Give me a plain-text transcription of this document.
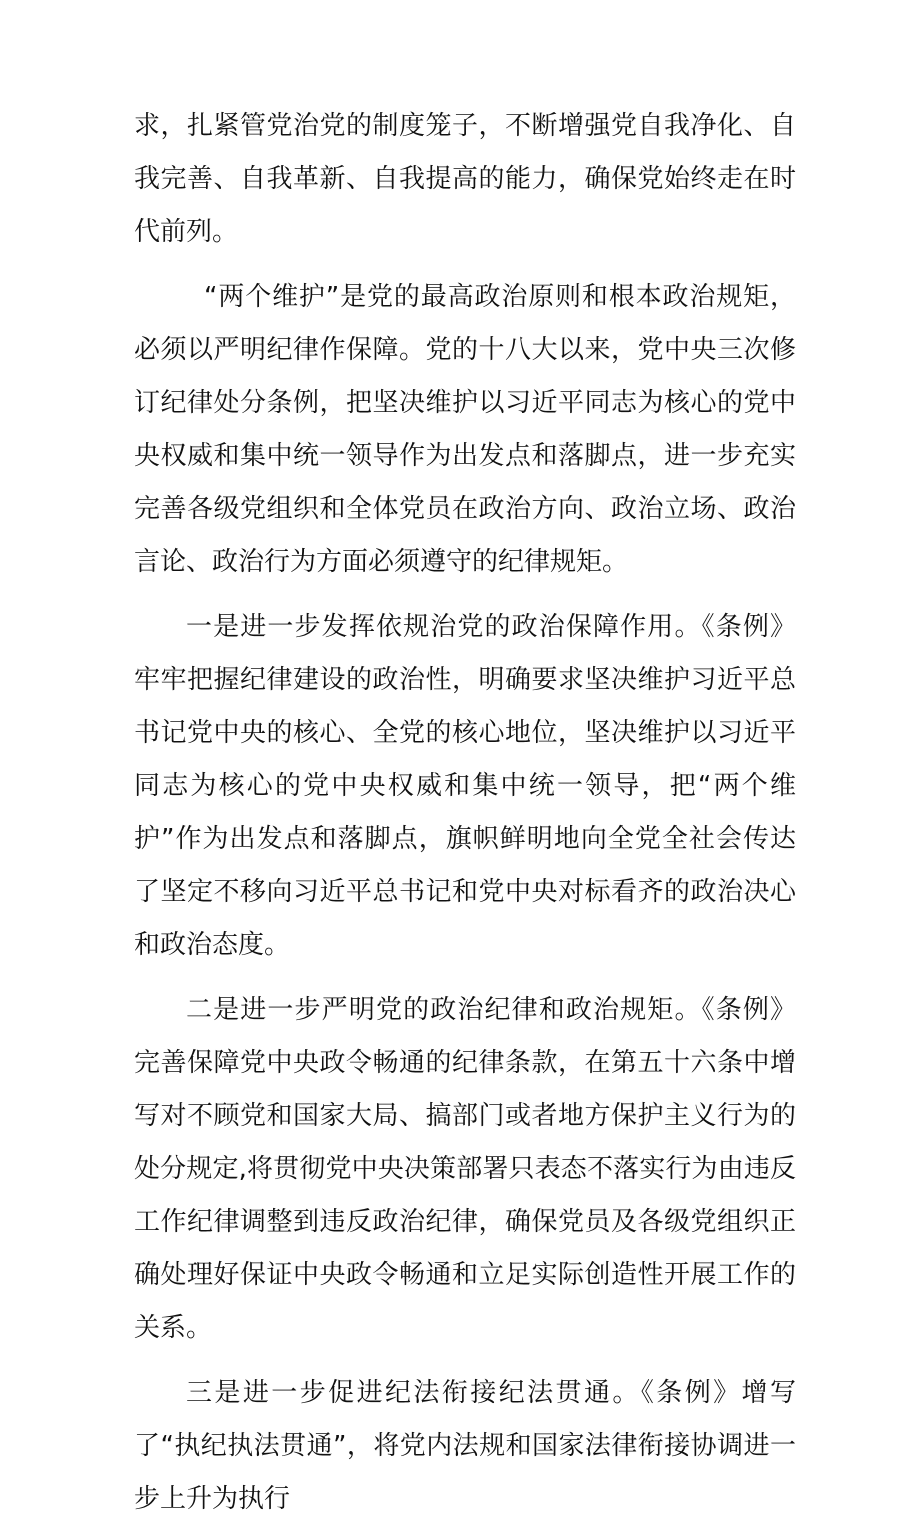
求，扎紧管党治党的制度笼子，不断增强党自我净化、自我完善、自我革新、自我提高的能力，确保党始终走在时代前列。

“两个维护”是党的最高政治原则和根本政治规矩，必须以严明纪律作保障。党的十八大以来，党中央三次修订纪律处分条例，把坚决维护以习近平同志为核心的党中央权威和集中统一领导作为出发点和落脚点，进一步充实完善各级党组织和全体党员在政治方向、政治立场、政治言论、政治行为方面必须遵守的纪律规矩。

一是进一步发挥依规治党的政治保障作用。《条例》牢牢把握纪律建设的政治性，明确要求坚决维护习近平总书记党中央的核心、全党的核心地位，坚决维护以习近平同志为核心的党中央权威和集中统一领导，把“两个维护”作为出发点和落脚点，旗帜鲜明地向全党全社会传达了坚定不移向习近平总书记和党中央对标看齐的政治决心和政治态度。

二是进一步严明党的政治纪律和政治规矩。《条例》完善保障党中央政令畅通的纪律条款，在第五十六条中增写对不顾党和国家大局、搞部门或者地方保护主义行为的处分规定,将贯彻党中央决策部署只表态不落实行为由违反工作纪律调整到违反政治纪律，确保党员及各级党组织正确处理好保证中央政令畅通和立足实际创造性开展工作的关系。

三是进一步促进纪法衔接纪法贯通。《条例》增写了“执纪执法贯通”，将党内法规和国家法律衔接协调进一步上升为执行
